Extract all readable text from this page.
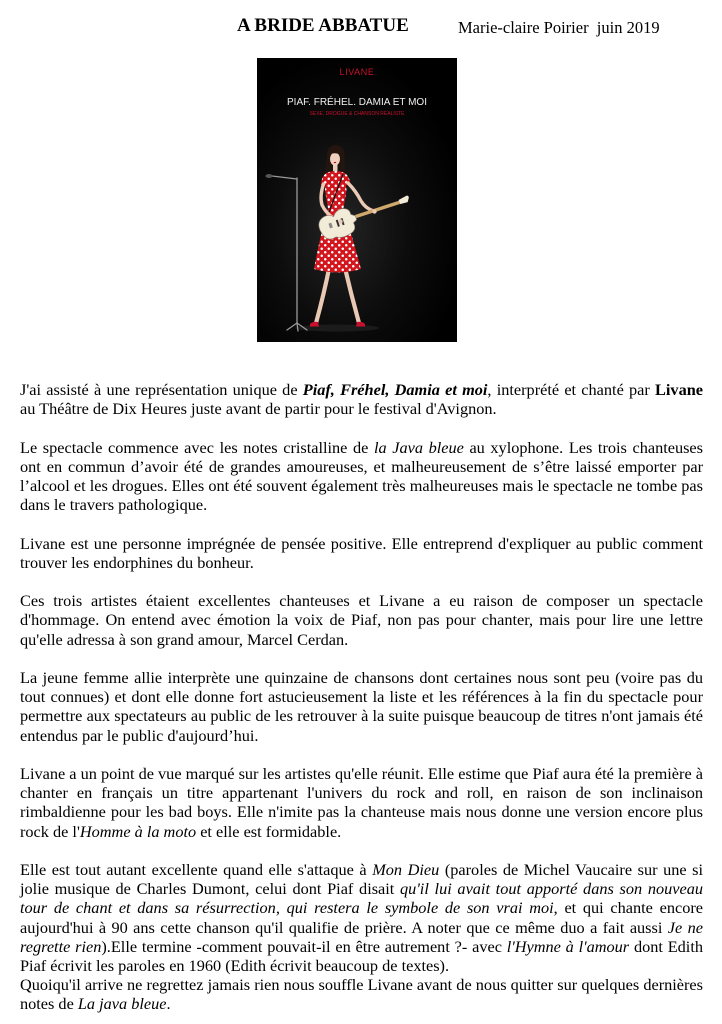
A BRIDE ABBATUE	Marie-claire Poirier  juin 2019
LIVANE
PIAF. FRÉHEL. DAMIA ET MOI
SEXE, DROGUE & CHANSON RÉALISTE

J'ai assisté à une représentation unique de Piaf, Fréhel, Damia et moi, interprété et chanté par Livane au Théâtre de Dix Heures juste avant de partir pour le festival d'Avignon.

Le spectacle commence avec les notes cristalline de la Java bleue au xylophone. Les trois chanteuses ont en commun d’avoir été de grandes amoureuses, et malheureusement de s’être laissé emporter par l’alcool et les drogues. Elles ont été souvent également très malheureuses mais le spectacle ne tombe pas dans le travers pathologique.

Livane est une personne imprégnée de pensée positive. Elle entreprend d'expliquer au public comment trouver les endorphines du bonheur.

Ces trois artistes étaient excellentes chanteuses et Livane a eu raison de composer un spectacle d'hommage. On entend avec émotion la voix de Piaf, non pas pour chanter, mais pour lire une lettre qu'elle adressa à son grand amour, Marcel Cerdan.

La jeune femme allie interprète une quinzaine de chansons dont certaines nous sont peu (voire pas du tout connues) et dont elle donne fort astucieusement la liste et les références à la fin du spectacle pour permettre aux spectateurs au public de les retrouver à la suite puisque beaucoup de titres n'ont jamais été entendus par le public d'aujourd’hui.

Livane a un point de vue marqué sur les artistes qu'elle réunit. Elle estime que Piaf aura été la première à chanter en français un titre appartenant l'univers du rock and roll, en raison de son inclinaison rimbaldienne pour les bad boys. Elle n'imite pas la chanteuse mais nous donne une version encore plus rock de l'Homme à la moto et elle est formidable.

Elle est tout autant excellente quand elle s'attaque à Mon Dieu (paroles de Michel Vaucaire sur une si jolie musique de Charles Dumont, celui dont Piaf disait qu'il lui avait tout apporté dans son nouveau tour de chant et dans sa résurrection, qui restera le symbole de son vrai moi, et qui chante encore aujourd'hui à 90 ans cette chanson qu'il qualifie de prière. A noter que ce même duo a fait aussi Je ne regrette rien).Elle termine -comment pouvait-il en être autrement ?- avec l'Hymne à l'amour dont Edith Piaf écrivit les paroles en 1960 (Edith écrivit beaucoup de textes).

Quoiqu'il arrive ne regrettez jamais rien nous souffle Livane avant de nous quitter sur quelques dernières notes de La java bleue.
